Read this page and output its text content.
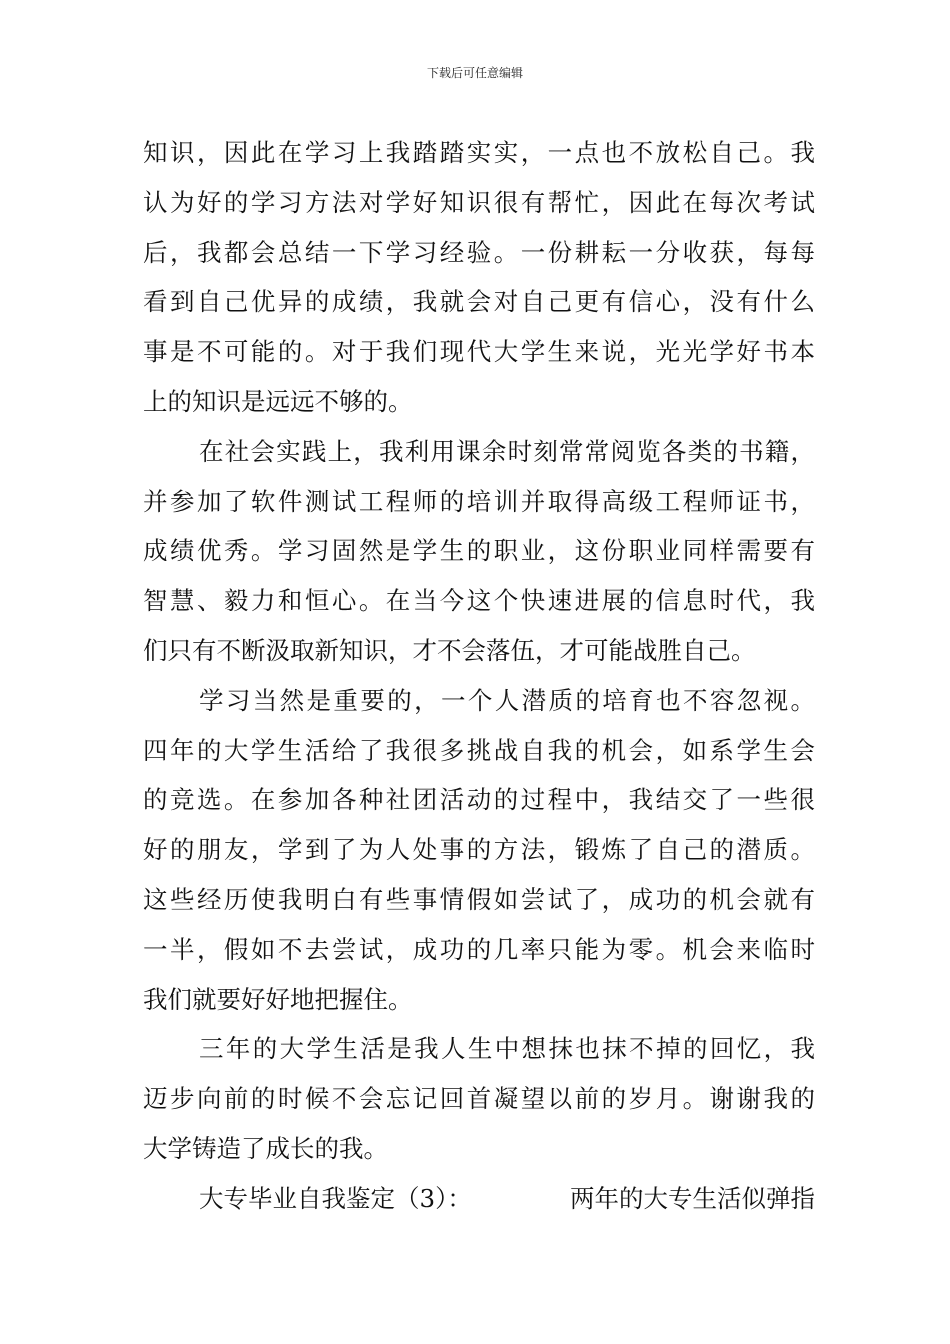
下载后可任意编辑
知识，因此在学习上我踏踏实实，一点也不放松自己。我
认为好的学习方法对学好知识很有帮忙，因此在每次考试
后，我都会总结一下学习经验。一份耕耘一分收获，每每
看到自己优异的成绩，我就会对自己更有信心，没有什么
事是不可能的。对于我们现代大学生来说，光光学好书本
上的知识是远远不够的。
在社会实践上，我利用课余时刻常常阅览各类的书籍，
并参加了软件测试工程师的培训并取得高级工程师证书，
成绩优秀。学习固然是学生的职业，这份职业同样需要有
智慧、毅力和恒心。在当今这个快速进展的信息时代，我
们只有不断汲取新知识，才不会落伍，才可能战胜自己。
学习当然是重要的，一个人潜质的培育也不容忽视。
四年的大学生活给了我很多挑战自我的机会，如系学生会
的竞选。在参加各种社团活动的过程中，我结交了一些很
好的朋友，学到了为人处事的方法，锻炼了自己的潜质。
这些经历使我明白有些事情假如尝试了，成功的机会就有
一半，假如不去尝试，成功的几率只能为零。机会来临时
我们就要好好地把握住。
三年的大学生活是我人生中想抹也抹不掉的回忆，我
迈步向前的时候不会忘记回首凝望以前的岁月。谢谢我的
大学铸造了成长的我。
大专毕业自我鉴定（3）：	两年的大专生活似弹指
